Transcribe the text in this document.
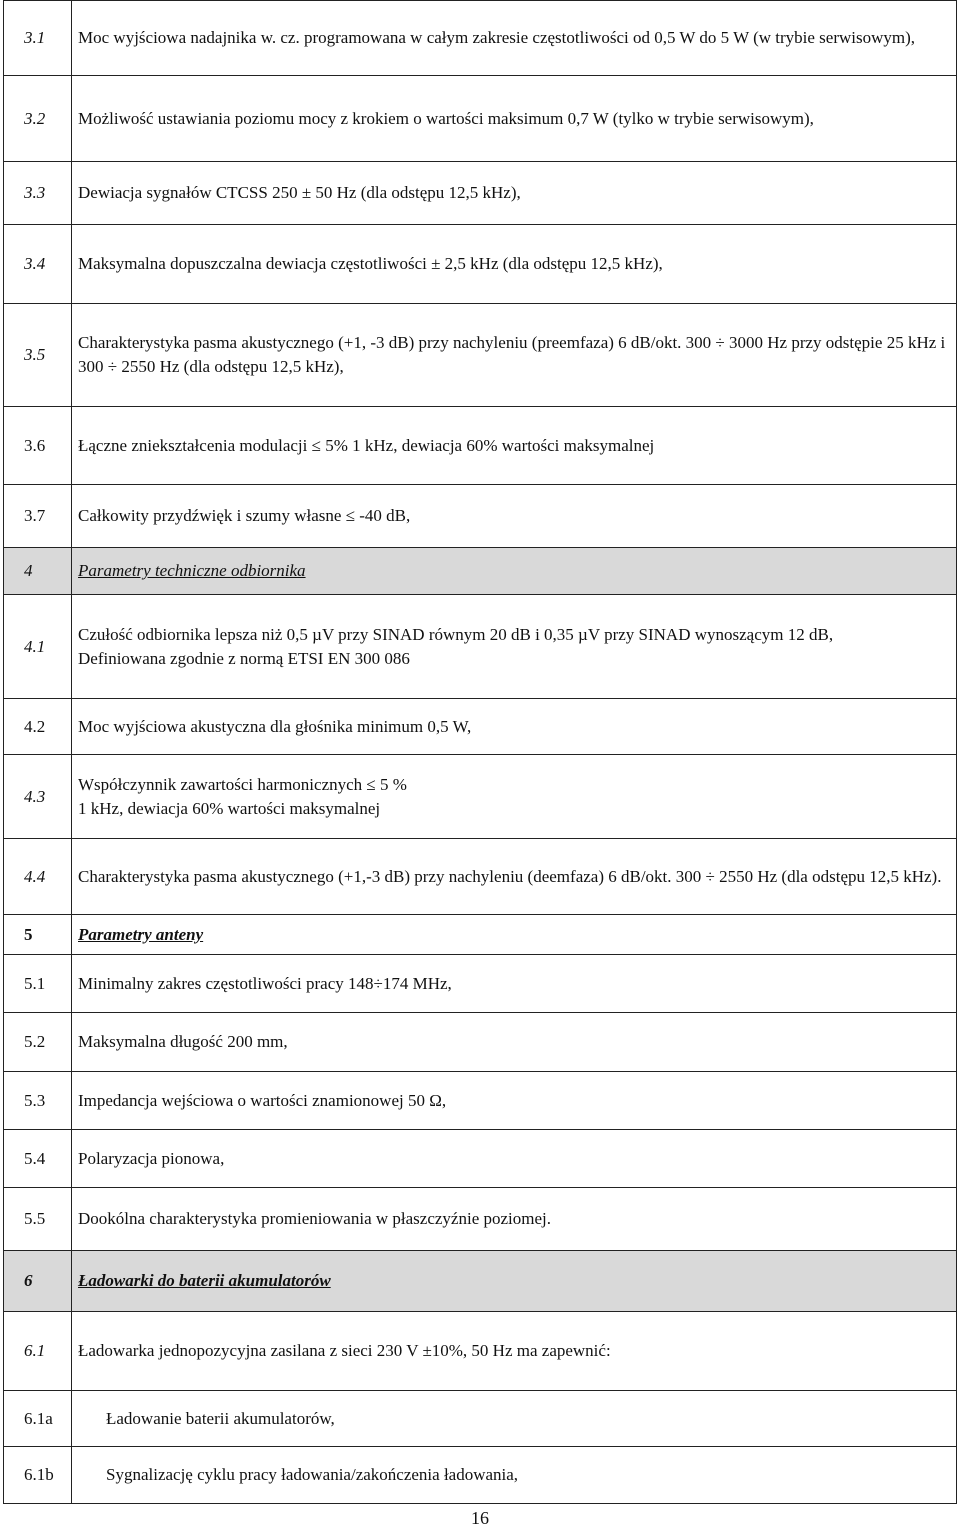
3.1	Moc wyjściowa nadajnika w. cz. programowana w całym zakresie częstotliwości od 0,5 W do 5 W (w trybie serwisowym),
3.2	Możliwość ustawiania poziomu mocy z krokiem o wartości maksimum 0,7 W (tylko w trybie serwisowym),
3.3	Dewiacja sygnałów CTCSS 250 ± 50 Hz (dla odstępu 12,5 kHz),
3.4	Maksymalna dopuszczalna dewiacja częstotliwości ± 2,5 kHz (dla odstępu 12,5 kHz),
3.5	Charakterystyka pasma akustycznego (+1, -3 dB) przy nachyleniu (preemfaza) 6 dB/okt. 300 ÷ 3000 Hz przy odstępie 25 kHz i 300 ÷ 2550 Hz (dla odstępu 12,5 kHz),
3.6	Łączne zniekształcenia modulacji ≤ 5% 1 kHz, dewiacja 60% wartości maksymalnej
3.7	Całkowity przydźwięk i szumy własne ≤ -40 dB,
4	Parametry techniczne odbiornika
4.1	Czułość odbiornika lepsza niż 0,5 µV przy SINAD równym 20 dB i 0,35 µV przy SINAD wynoszącym 12 dB,
Definiowana zgodnie z normą ETSI EN 300 086

4.2	Moc wyjściowa akustyczna dla głośnika minimum 0,5 W,
4.3	Współczynnik zawartości harmonicznych ≤ 5 %
1 kHz, dewiacja 60% wartości maksymalnej

4.4	Charakterystyka pasma akustycznego (+1,-3 dB) przy nachyleniu (deemfaza) 6 dB/okt. 300 ÷ 2550 Hz (dla odstępu 12,5 kHz).
5	Parametry anteny
5.1	Minimalny zakres częstotliwości pracy 148÷174 MHz,
5.2	Maksymalna długość 200 mm,
5.3	Impedancja wejściowa o wartości znamionowej 50 Ω,
5.4	Polaryzacja pionowa,
5.5	Dookólna charakterystyka promieniowania w płaszczyźnie poziomej.
6	Ładowarki do baterii akumulatorów
6.1	Ładowarka jednopozycyjna zasilana z sieci 230 V ±10%, 50 Hz ma zapewnić:
6.1a	Ładowanie baterii akumulatorów,
6.1b	Sygnalizację cyklu pracy ładowania/zakończenia ładowania,
16
